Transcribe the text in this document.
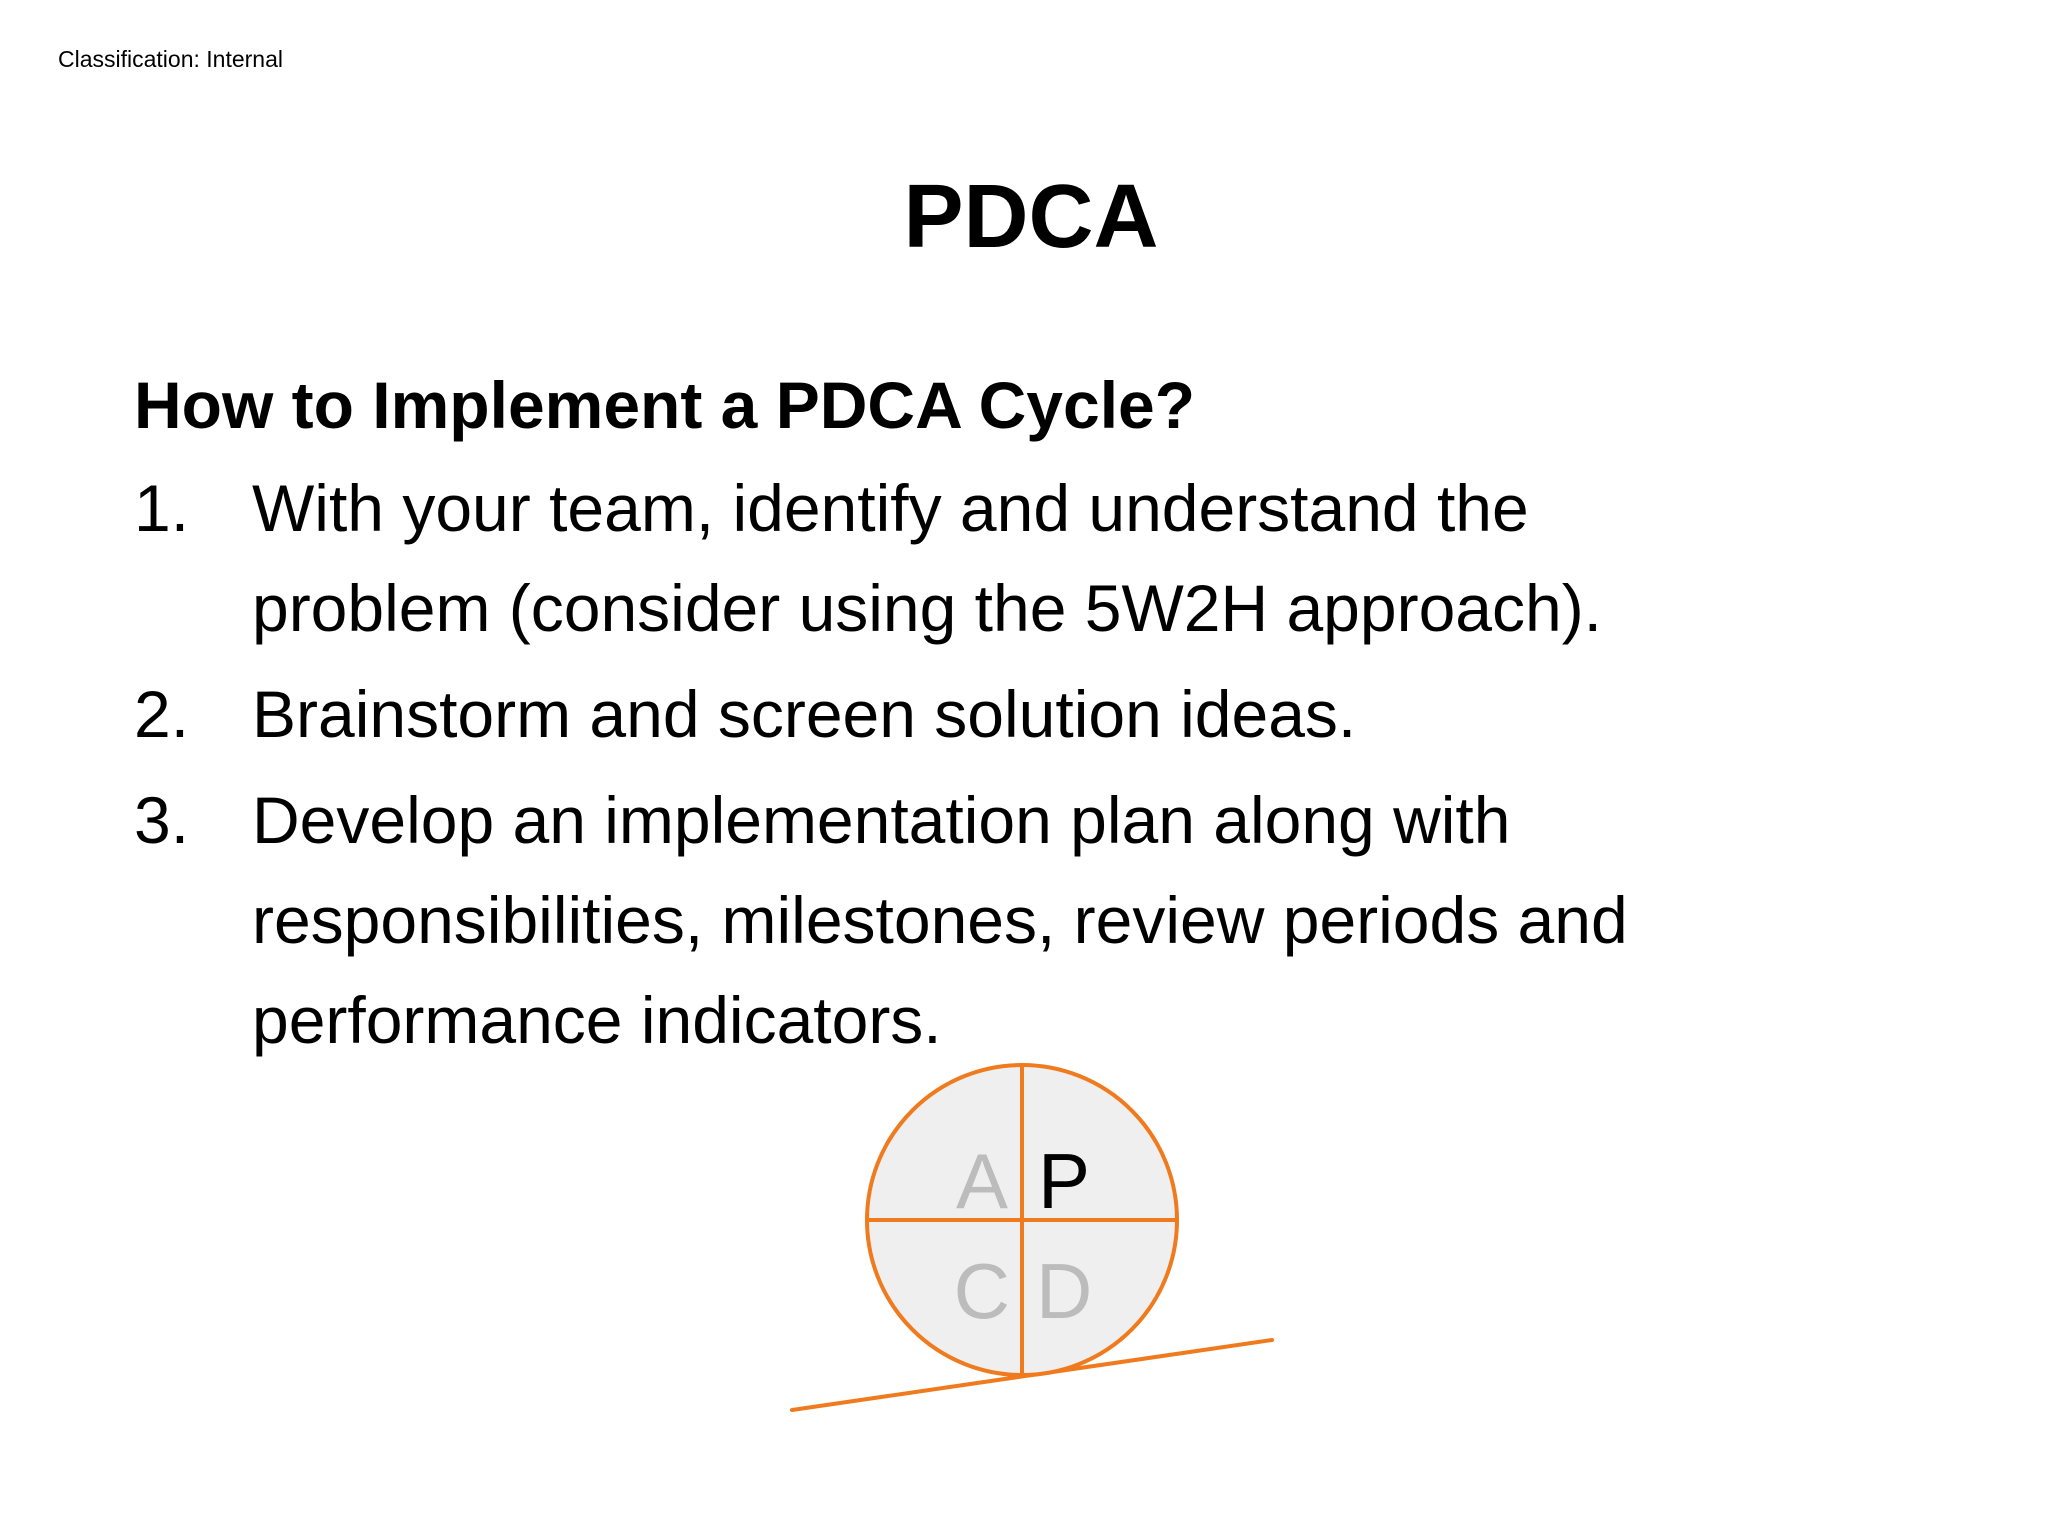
Classification: Internal
PDCA
How to Implement a PDCA Cycle?
1. With your team, identify and understand the
problem (consider using the 5W2H approach).
2. Brainstorm and screen solution ideas.
3. Develop an implementation plan along with
responsibilities, milestones, review periods and
performance indicators.
A P
C D
